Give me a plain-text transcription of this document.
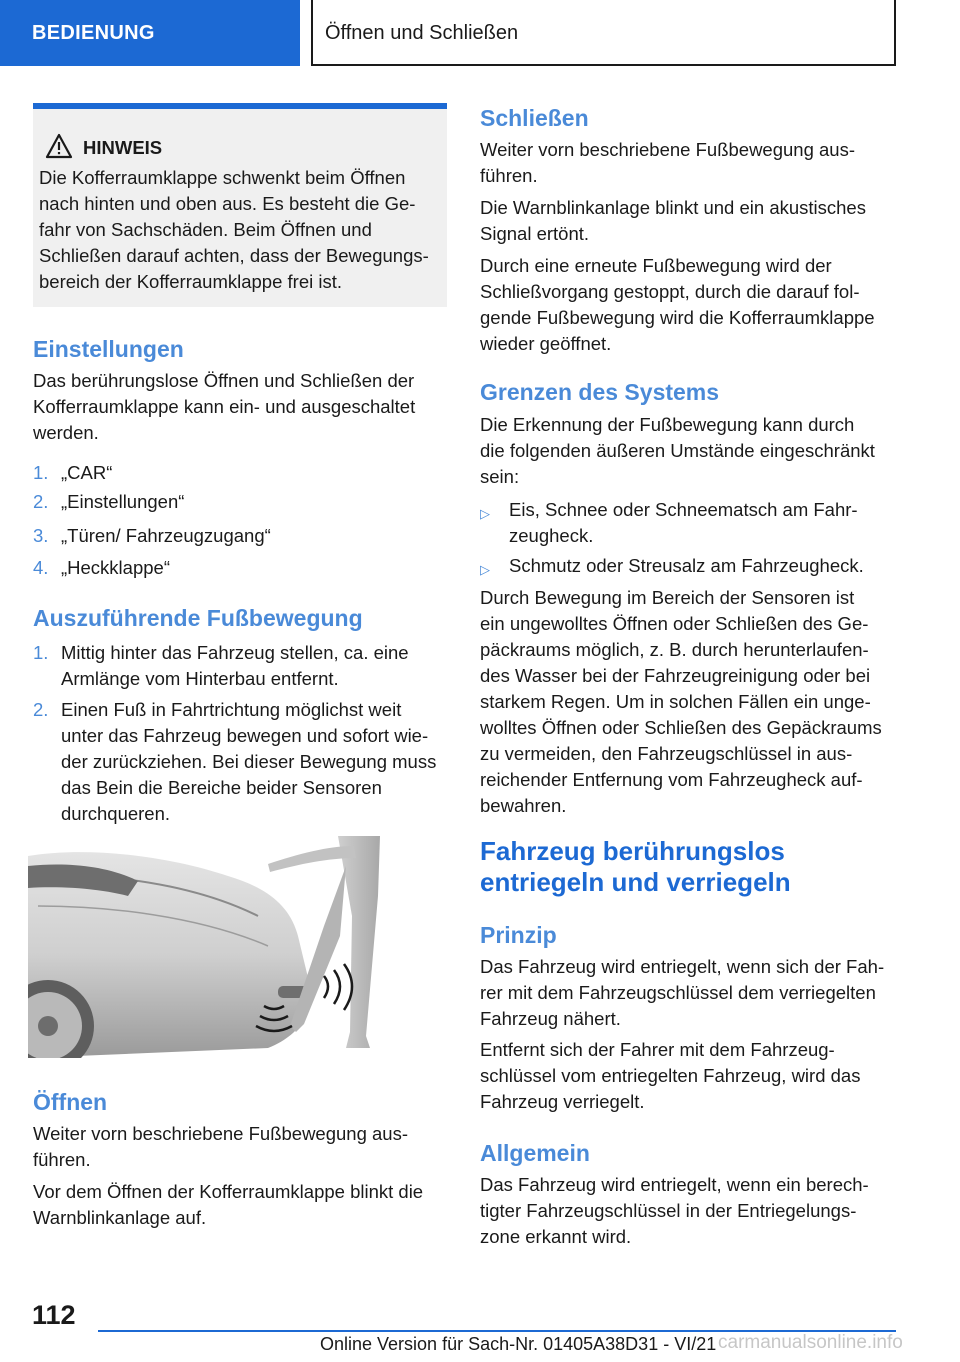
BEDIENUNG	Öffnen und Schließen
HINWEIS
Die Kofferraumklappe schwenkt beim Öffnen
nach hinten und oben aus. Es besteht die Ge-
fahr von Sachschäden. Beim Öffnen und
Schließen darauf achten, dass der Bewegungs-
bereich der Kofferraumklappe frei ist.
Einstellungen
Das berührungslose Öffnen und Schließen der
Kofferraumklappe kann ein- und ausgeschaltet
werden.
1. „CAR“
2. „Einstellungen“
3. „Türen/ Fahrzeugzugang“
4. „Heckklappe“
Auszuführende Fußbewegung
1. Mittig hinter das Fahrzeug stellen, ca. eine
Armlänge vom Hinterbau entfernt.
2. Einen Fuß in Fahrtrichtung möglichst weit
unter das Fahrzeug bewegen und sofort wie-
der zurückziehen. Bei dieser Bewegung muss
das Bein die Bereiche beider Sensoren
durchqueren.
Öffnen
Weiter vorn beschriebene Fußbewegung aus-
führen.
Vor dem Öffnen der Kofferraumklappe blinkt die
Warnblinkanlage auf.
Schließen
Weiter vorn beschriebene Fußbewegung aus-
führen.
Die Warnblinkanlage blinkt und ein akustisches
Signal ertönt.
Durch eine erneute Fußbewegung wird der
Schließvorgang gestoppt, durch die darauf fol-
gende Fußbewegung wird die Kofferraumklappe
wieder geöffnet.
Grenzen des Systems
Die Erkennung der Fußbewegung kann durch
die folgenden äußeren Umstände eingeschränkt
sein:
▷ Eis, Schnee oder Schneematsch am Fahr-
zeugheck.
▷ Schmutz oder Streusalz am Fahrzeugheck.
Durch Bewegung im Bereich der Sensoren ist
ein ungewolltes Öffnen oder Schließen des Ge-
päckraums möglich, z. B. durch herunterlaufen-
des Wasser bei der Fahrzeugreinigung oder bei
starkem Regen. Um in solchen Fällen ein unge-
wolltes Öffnen oder Schließen des Gepäckraums
zu vermeiden, den Fahrzeugschlüssel in aus-
reichender Entfernung vom Fahrzeugheck auf-
bewahren.
Fahrzeug berührungslos
entriegeln und verriegeln
Prinzip
Das Fahrzeug wird entriegelt, wenn sich der Fah-
rer mit dem Fahrzeugschlüssel dem verriegelten
Fahrzeug nähert.
Entfernt sich der Fahrer mit dem Fahrzeug-
schlüssel vom entriegelten Fahrzeug, wird das
Fahrzeug verriegelt.
Allgemein
Das Fahrzeug wird entriegelt, wenn ein berech-
tigter Fahrzeugschlüssel in der Entriegelungs-
zone erkannt wird.
112
Online Version für Sach-Nr. 01405A38D31 - VI/21 carmanualsonline.info
